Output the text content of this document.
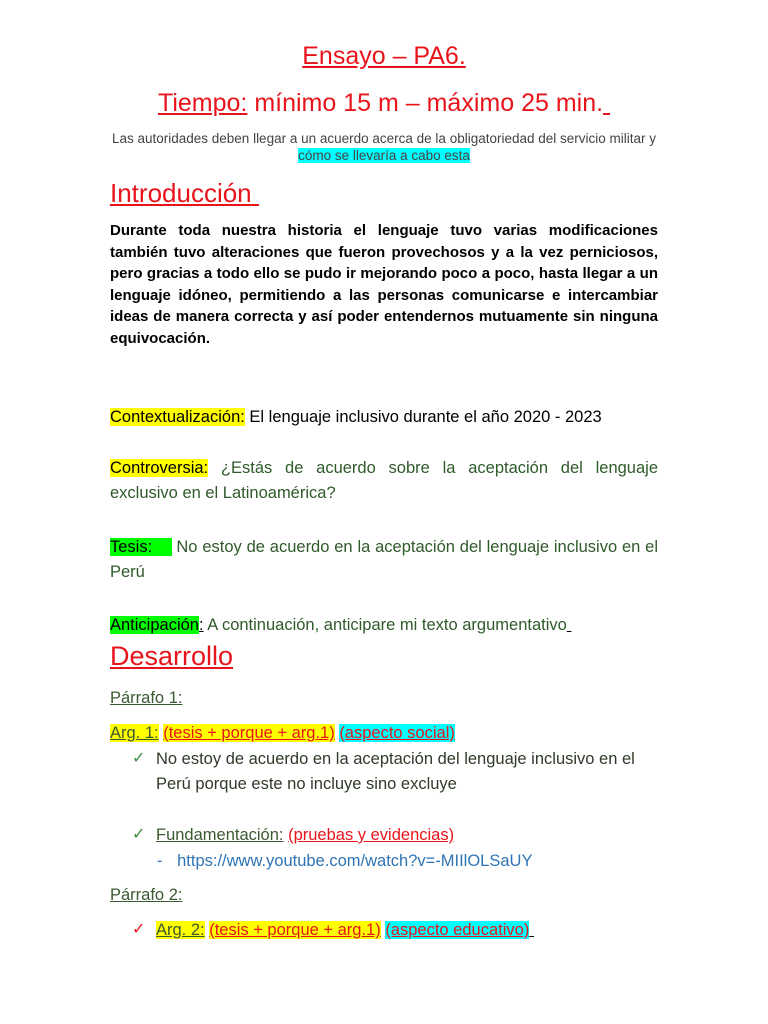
Ensayo – PA6.
Tiempo: mínimo 15 m – máximo 25 min.
Las autoridades deben llegar a un acuerdo acerca de la obligatoriedad del servicio militar y cómo se llevaría a cabo esta
Introducción
Durante toda nuestra historia el lenguaje tuvo varias modificaciones también tuvo alteraciones que fueron provechosos y a la vez perniciosos, pero gracias a todo ello se pudo ir mejorando poco a poco, hasta llegar a un lenguaje idóneo, permitiendo a las personas comunicarse e intercambiar ideas de manera correcta y así poder entendernos mutuamente sin ninguna equivocación.
Contextualización: El lenguaje inclusivo durante el año 2020 - 2023
Controversia: ¿Estás de acuerdo sobre la aceptación del lenguaje exclusivo en el Latinoamérica?
Tesis: No estoy de acuerdo en la aceptación del lenguaje inclusivo en el Perú
Anticipación: A continuación, anticipare mi texto argumentativo
Desarrollo
Párrafo 1:
Arg. 1: (tesis + porque + arg.1) (aspecto social)
✓ No estoy de acuerdo en la aceptación del lenguaje inclusivo en el Perú porque este no incluye sino excluye
✓ Fundamentación: (pruebas y evidencias)
- https://www.youtube.com/watch?v=-MIIlOLSaUY
Párrafo 2:
✓ Arg. 2: (tesis + porque + arg.1) (aspecto educativo)
